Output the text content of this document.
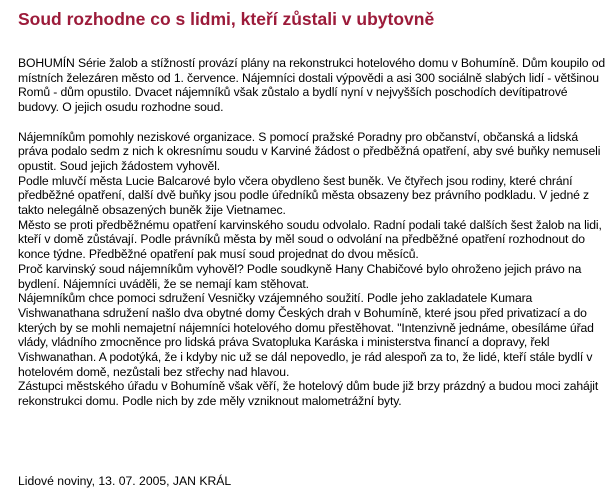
Soud rozhodne co s lidmi, kteří zůstali v ubytovně

BOHUMÍN Série žalob a stížností provází plány na rekonstrukci hotelového domu v Bohumíně. Dům koupilo od místních železáren město od 1. července. Nájemníci dostali výpovědi a asi 300 sociálně slabých lidí - většinou Romů - dům opustilo. Dvacet nájemníků však zůstalo a bydlí nyní v nejvyšších poschodích devítipatrové budovy. O jejich osudu rozhodne soud.

Nájemníkům pomohly neziskové organizace. S pomocí pražské Poradny pro občanství, občanská a lidská práva podalo sedm z nich k okresnímu soudu v Karviné žádost o předběžná opatření, aby své buňky nemuseli opustit. Soud jejich žádostem vyhověl.

Podle mluvčí města Lucie Balcarové bylo včera obydleno šest buněk. Ve čtyřech jsou rodiny, které chrání předběžné opatření, další dvě buňky jsou podle úředníků města obsazeny bez právního podkladu. V jedné z takto nelegálně obsazených buněk žije Vietnamec.

Město se proti předběžnému opatření karvinského soudu odvolalo. Radní podali také dalších šest žalob na lidi, kteří v domě zůstávají. Podle právníků města by měl soud o odvolání na předběžné opatření rozhodnout do konce týdne. Předběžné opatření pak musí soud projednat do dvou měsíců.

Proč karvinský soud nájemníkům vyhověl? Podle soudkyně Hany Chabičové bylo ohroženo jejich právo na bydlení. Nájemníci uváděli, že se nemají kam stěhovat.

Nájemníkům chce pomoci sdružení Vesničky vzájemného soužití. Podle jeho zakladatele Kumara Vishwanathana sdružení našlo dva obytné domy Českých drah v Bohumíně, které jsou před privatizací a do kterých by se mohli nemajetní nájemníci hotelového domu přestěhovat. "Intenzivně jednáme, obesíláme úřad vlády, vládního zmocněnce pro lidská práva Svatopluka Karáska i ministerstva financí a dopravy, řekl Vishwanathan. A podotýká, že i kdyby nic už se dál nepovedlo, je rád alespoň za to, že lidé, kteří stále bydlí v hotelovém domě, nezůstali bez střechy nad hlavou.

Zástupci městského úřadu v Bohumíně však věří, že hotelový dům bude již brzy prázdný a budou moci zahájit rekonstrukci domu. Podle nich by zde měly vzniknout malometrážní byty.

Lidové noviny, 13. 07. 2005, JAN KRÁL
